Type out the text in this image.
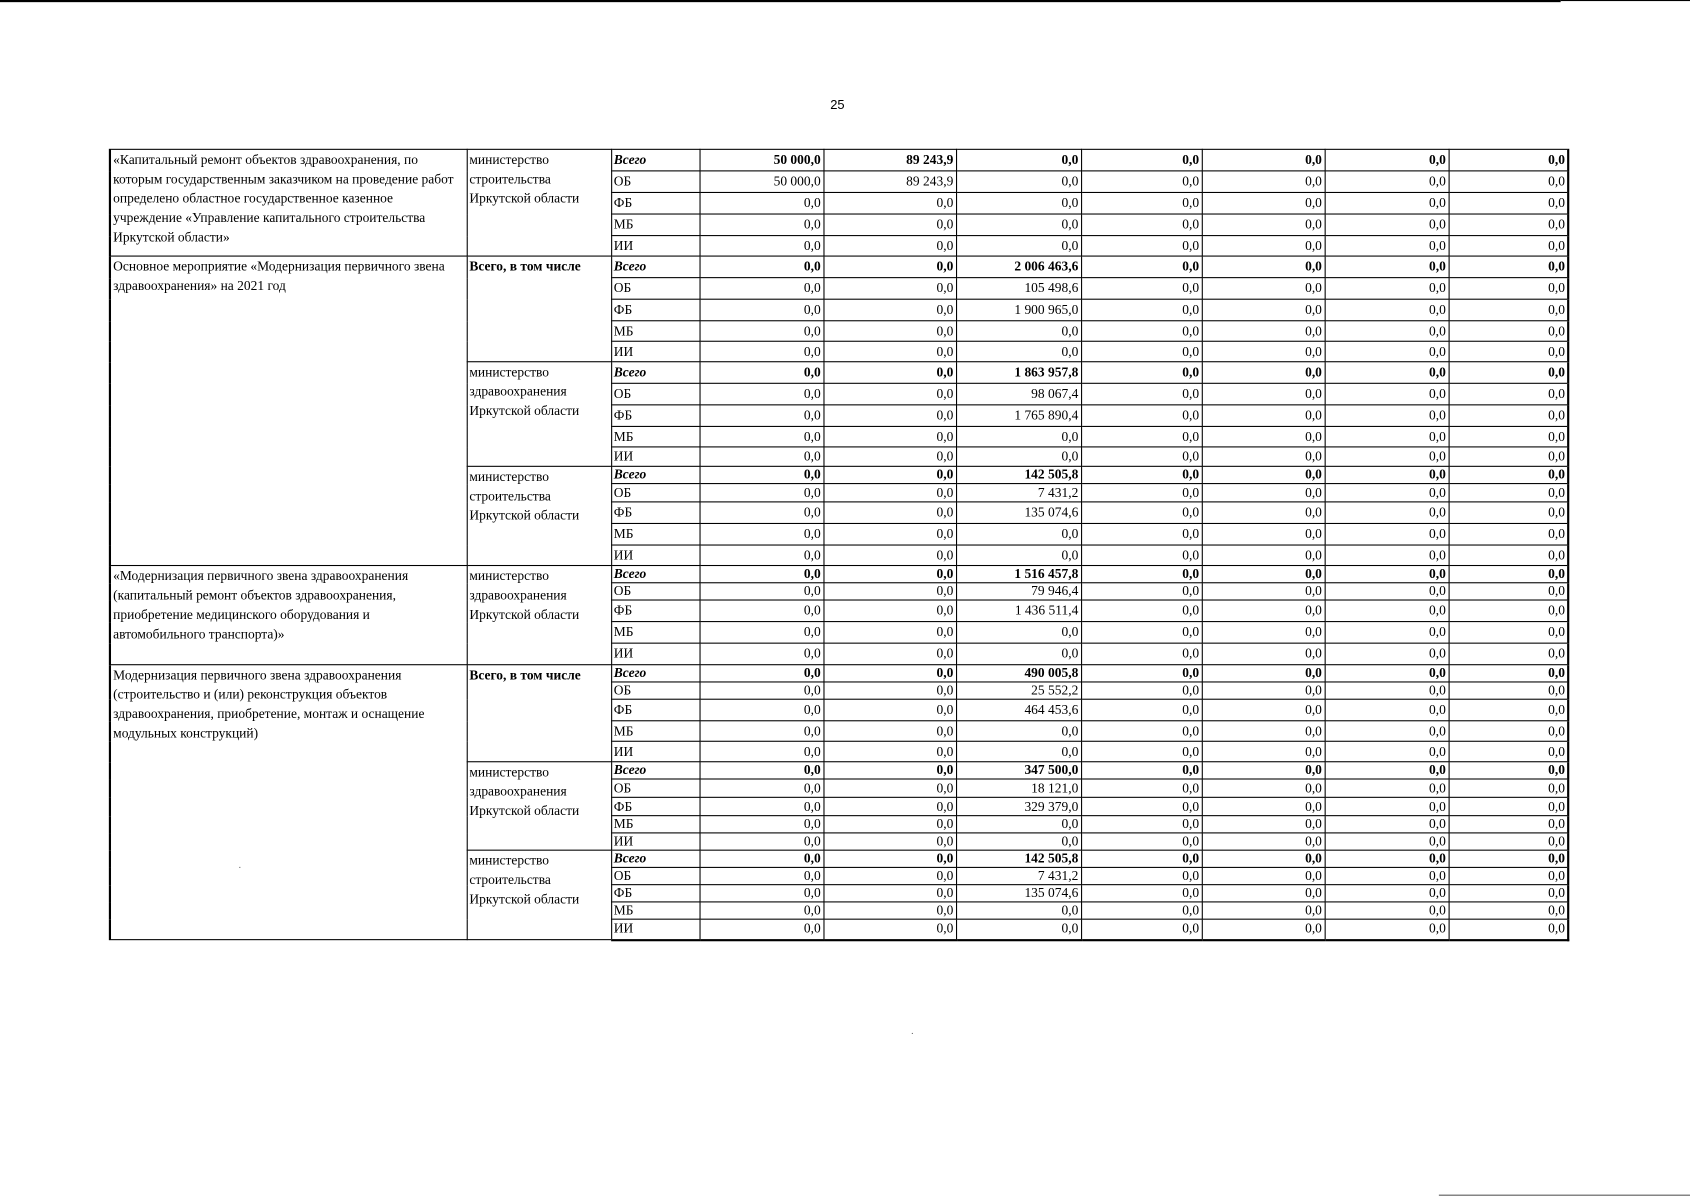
25
«Капитальный ремонт объектов здравоохранения, по которым государственным заказчиком на проведение работ определено областное государственное казенное учреждение «Управление капитального строительства Иркутской области»	министерство строительства Иркутской области	Всего	50 000,0	89 243,9	0,0	0,0	0,0	0,0	0,0
		ОБ	50 000,0	89 243,9	0,0	0,0	0,0	0,0	0,0
		ФБ	0,0	0,0	0,0	0,0	0,0	0,0	0,0
		МБ	0,0	0,0	0,0	0,0	0,0	0,0	0,0
		ИИ	0,0	0,0	0,0	0,0	0,0	0,0	0,0
Основное мероприятие «Модернизация первичного звена здравоохранения» на 2021 год	Всего, в том числе	Всего	0,0	0,0	2 006 463,6	0,0	0,0	0,0	0,0
		ОБ	0,0	0,0	105 498,6	0,0	0,0	0,0	0,0
		ФБ	0,0	0,0	1 900 965,0	0,0	0,0	0,0	0,0
		МБ	0,0	0,0	0,0	0,0	0,0	0,0	0,0
		ИИ	0,0	0,0	0,0	0,0	0,0	0,0	0,0
	министерство здравоохранения Иркутской области	Всего	0,0	0,0	1 863 957,8	0,0	0,0	0,0	0,0
		ОБ	0,0	0,0	98 067,4	0,0	0,0	0,0	0,0
		ФБ	0,0	0,0	1 765 890,4	0,0	0,0	0,0	0,0
		МБ	0,0	0,0	0,0	0,0	0,0	0,0	0,0
		ИИ	0,0	0,0	0,0	0,0	0,0	0,0	0,0
	министерство строительства Иркутской области	Всего	0,0	0,0	142 505,8	0,0	0,0	0,0	0,0
		ОБ	0,0	0,0	7 431,2	0,0	0,0	0,0	0,0
		ФБ	0,0	0,0	135 074,6	0,0	0,0	0,0	0,0
		МБ	0,0	0,0	0,0	0,0	0,0	0,0	0,0
		ИИ	0,0	0,0	0,0	0,0	0,0	0,0	0,0
«Модернизация первичного звена здравоохранения (капитальный ремонт объектов здравоохранения, приобретение медицинского оборудования и автомобильного транспорта)»	министерство здравоохранения Иркутской области	Всего	0,0	0,0	1 516 457,8	0,0	0,0	0,0	0,0
		ОБ	0,0	0,0	79 946,4	0,0	0,0	0,0	0,0
		ФБ	0,0	0,0	1 436 511,4	0,0	0,0	0,0	0,0
		МБ	0,0	0,0	0,0	0,0	0,0	0,0	0,0
		ИИ	0,0	0,0	0,0	0,0	0,0	0,0	0,0
Модернизация первичного звена здравоохранения (строительство и (или) реконструкция объектов здравоохранения, приобретение, монтаж и оснащение модульных конструкций)	Всего, в том числе	Всего	0,0	0,0	490 005,8	0,0	0,0	0,0	0,0
		ОБ	0,0	0,0	25 552,2	0,0	0,0	0,0	0,0
		ФБ	0,0	0,0	464 453,6	0,0	0,0	0,0	0,0
		МБ	0,0	0,0	0,0	0,0	0,0	0,0	0,0
		ИИ	0,0	0,0	0,0	0,0	0,0	0,0	0,0
	министерство здравоохранения Иркутской области	Всего	0,0	0,0	347 500,0	0,0	0,0	0,0	0,0
		ОБ	0,0	0,0	18 121,0	0,0	0,0	0,0	0,0
		ФБ	0,0	0,0	329 379,0	0,0	0,0	0,0	0,0
		МБ	0,0	0,0	0,0	0,0	0,0	0,0	0,0
		ИИ	0,0	0,0	0,0	0,0	0,0	0,0	0,0
	министерство строительства Иркутской области	Всего	0,0	0,0	142 505,8	0,0	0,0	0,0	0,0
		ОБ	0,0	0,0	7 431,2	0,0	0,0	0,0	0,0
		ФБ	0,0	0,0	135 074,6	0,0	0,0	0,0	0,0
		МБ	0,0	0,0	0,0	0,0	0,0	0,0	0,0
		ИИ	0,0	0,0	0,0	0,0	0,0	0,0	0,0
